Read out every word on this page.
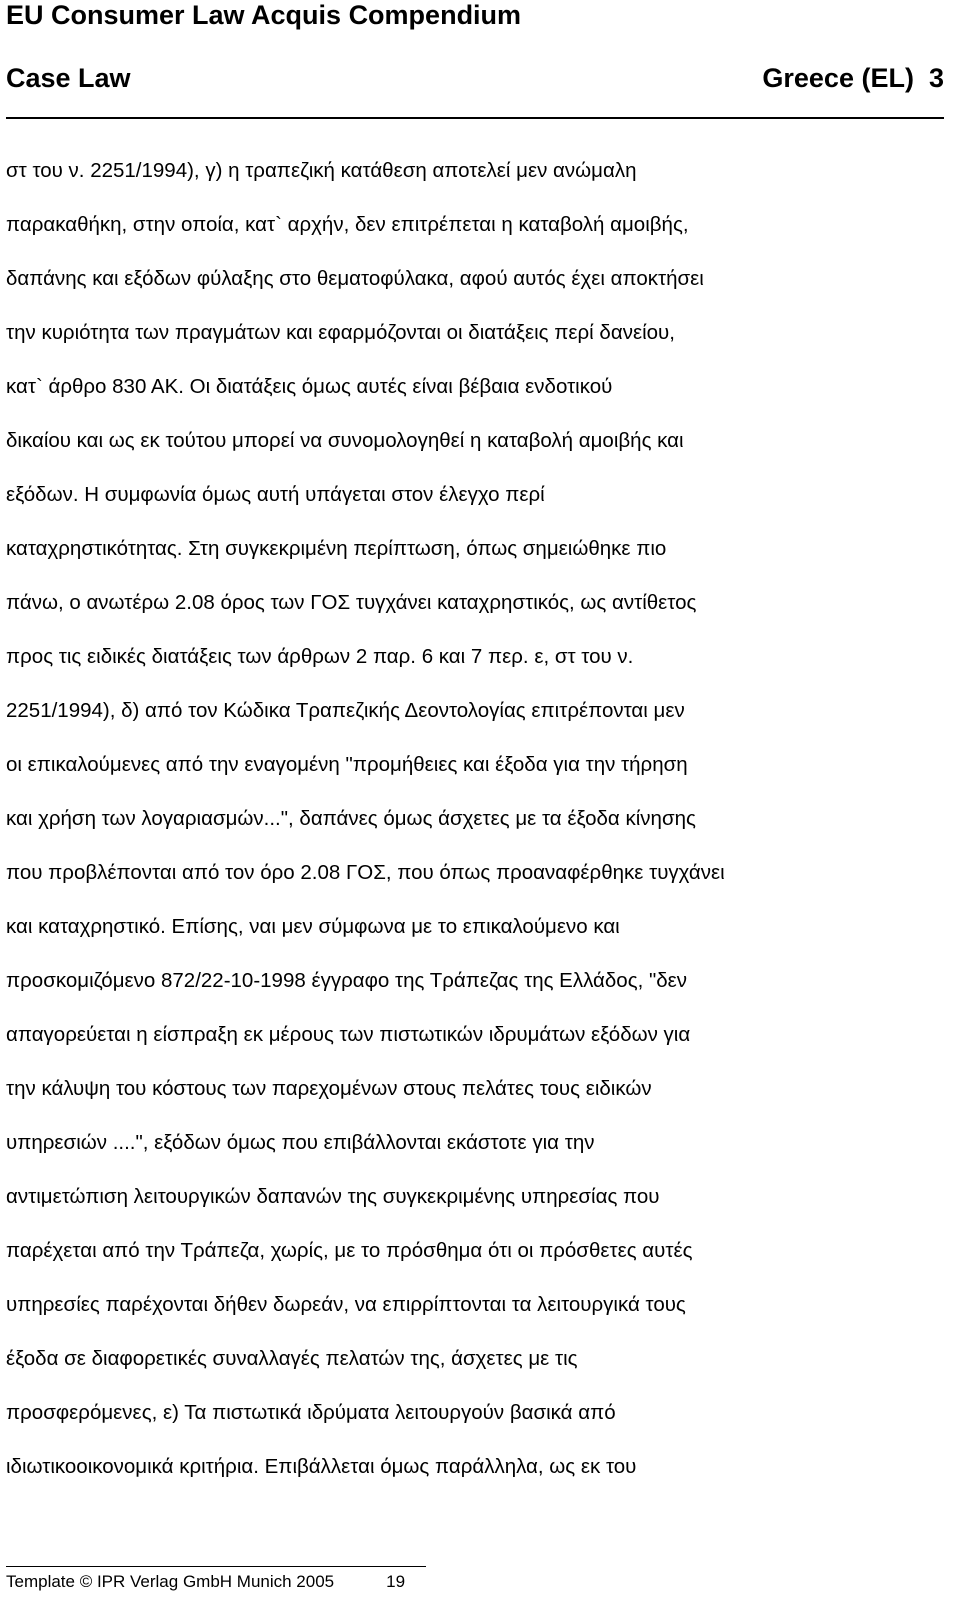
EU Consumer Law Acquis Compendium
Case Law	Greece (EL) 3
στ του ν. 2251/1994), γ) η τραπεζική κατάθεση αποτελεί μεν ανώμαλη
παρακαθήκη, στην οποία, κατ` αρχήν, δεν επιτρέπεται η καταβολή αμοιβής,
δαπάνης και εξόδων φύλαξης στο θεματοφύλακα, αφού αυτός έχει αποκτήσει
την κυριότητα των πραγμάτων και εφαρμόζονται οι διατάξεις περί δανείου,
κατ` άρθρο 830 ΑΚ. Οι διατάξεις όμως αυτές είναι βέβαια ενδοτικού
δικαίου και ως εκ τούτου μπορεί να συνομολογηθεί η καταβολή αμοιβής και
εξόδων. Η συμφωνία όμως αυτή υπάγεται στον έλεγχο περί
καταχρηστικότητας. Στη συγκεκριμένη περίπτωση, όπως σημειώθηκε πιο
πάνω, ο ανωτέρω 2.08 όρος των ΓΟΣ τυγχάνει καταχρηστικός, ως αντίθετος
προς τις ειδικές διατάξεις των άρθρων 2 παρ. 6 και 7 περ. ε, στ του ν.
2251/1994), δ) από τον Κώδικα Τραπεζικής Δεοντολογίας επιτρέπονται μεν
οι επικαλούμενες από την εναγομένη "προμήθειες και έξοδα για την τήρηση
και χρήση των λογαριασμών...", δαπάνες όμως άσχετες με τα έξοδα κίνησης
που προβλέπονται από τον όρο 2.08 ΓΟΣ, που όπως προαναφέρθηκε τυγχάνει
και καταχρηστικό. Επίσης, ναι μεν σύμφωνα με το επικαλούμενο και
προσκομιζόμενο 872/22-10-1998 έγγραφο της Τράπεζας της Ελλάδος, "δεν
απαγορεύεται η είσπραξη εκ μέρους των πιστωτικών ιδρυμάτων εξόδων για
την κάλυψη του κόστους των παρεχομένων στους πελάτες τους ειδικών
υπηρεσιών ....", εξόδων όμως που επιβάλλονται εκάστοτε για την
αντιμετώπιση λειτουργικών δαπανών της συγκεκριμένης υπηρεσίας που
παρέχεται από την Τράπεζα, χωρίς, με το πρόσθημα ότι οι πρόσθετες αυτές
υπηρεσίες παρέχονται δήθεν δωρεάν, να επιρρίπτονται τα λειτουργικά τους
έξοδα σε διαφορετικές συναλλαγές πελατών της, άσχετες με τις
προσφερόμενες, ε) Τα πιστωτικά ιδρύματα λειτουργούν βασικά από
ιδιωτικοοικονομικά κριτήρια. Επιβάλλεται όμως παράλληλα, ως εκ του
Template © IPR Verlag GmbH Munich 2005	19
